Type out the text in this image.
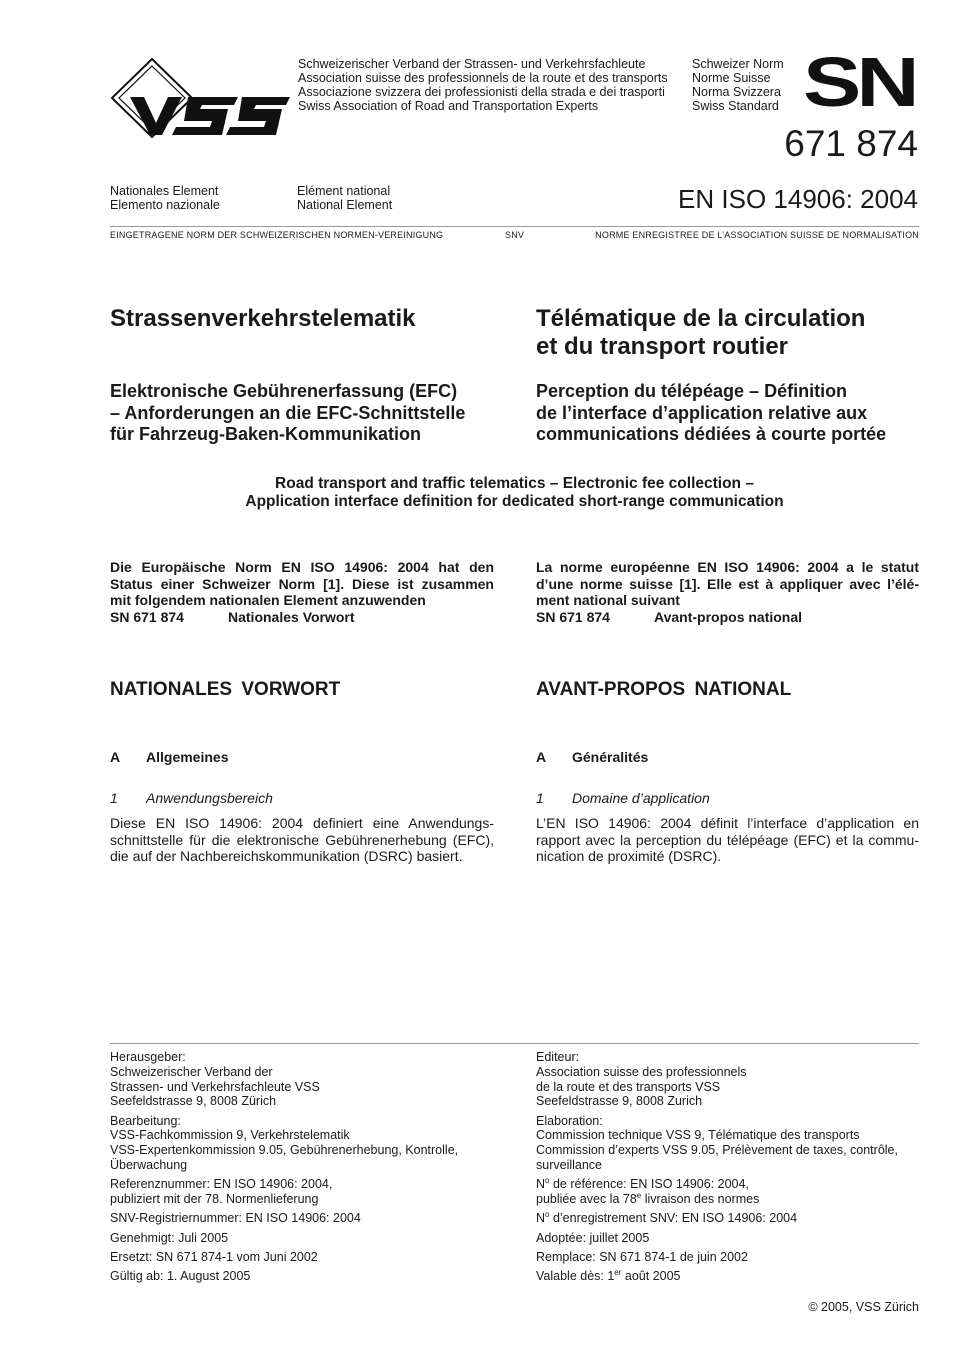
VSS	Schweizerischer Verband der Strassen- und Verkehrsfachleute
Association suisse des professionnels de la route et des transports
Associazione svizzera dei professionisti della strada e dei trasporti
Swiss Association of Road and Transportation Experts
Schweizer Norm
Norme Suisse
Norma Svizzera
Swiss Standard SN
671 874
Nationales Element
Elemento nazionale
Elément national
National Element	EN ISO 14906: 2004
EINGETRAGENE NORM DER SCHWEIZERISCHEN NORMEN-VEREINIGUNG	SNV	NORME ENREGISTREE DE L’ASSOCIATION SUISSE DE NORMALISATION
Strassenverkehrstelematik	Télématique de la circulation
et du transport routier
Elektronische Gebührenerfassung (EFC)
– Anforderungen an die EFC-Schnittstelle
für Fahrzeug-Baken-Kommunikation
Perception du télépéage – Définition
de l’interface d’application relative aux
communications dédiées à courte portée
Road transport and traffic telematics – Electronic fee collection –
Application interface definition for dedicated short-range communication
Die Europäische Norm EN ISO 14906: 2004 hat den
Status einer Schweizer Norm [1]. Diese ist zusammen
mit folgendem nationalen Element anzuwenden
SN 671 874	Nationales Vorwort
La norme européenne EN ISO 14906: 2004 a le statut
d’une norme suisse [1]. Elle est à appliquer avec l’élé-
ment national suivant
SN 671 874	Avant-propos national
NATIONALES VORWORT	AVANT-PROPOS NATIONAL
A Allgemeines	A Généralités
1 Anwendungsbereich	1 Domaine d’application
Diese EN ISO 14906: 2004 definiert eine Anwendungs-
schnittstelle für die elektronische Gebührenerhebung (EFC),
die auf der Nachbereichskommunikation (DSRC) basiert.
L’EN ISO 14906: 2004 définit l’interface d’application en
rapport avec la perception du télépéage (EFC) et la commu-
nication de proximité (DSRC).

Herausgeber:
Schweizerischer Verband der
Strassen- und Verkehrsfachleute VSS
Seefeldstrasse 9, 8008 Zürich

Bearbeitung:
VSS-Fachkommission 9, Verkehrstelematik
VSS-Expertenkommission 9.05, Gebührenerhebung, Kontrolle,
Überwachung

Referenznummer: EN ISO 14906: 2004,
publiziert mit der 78. Normenlieferung

SNV-Registriernummer: EN ISO 14906: 2004

Genehmigt: Juli 2005

Ersetzt: SN 671 874-1 vom Juni 2002

Gültig ab: 1. August 2005

Editeur:
Association suisse des professionnels
de la route et des transports VSS
Seefeldstrasse 9, 8008 Zurich

Elaboration:
Commission technique VSS 9, Télématique des transports
Commission d’experts VSS 9.05, Prélèvement de taxes, contrôle,
surveillance

$N^o$ de référence: EN ISO 14906: 2004,
publiée avec la 78e livraison des normes

$N^o$ d’enregistrement SNV: EN ISO 14906: 2004

Adoptée: juillet 2005

Remplace: SN 671 874-1 de juin 2002

Valable dès: 1er août 2005

© 2005, VSS Zürich
